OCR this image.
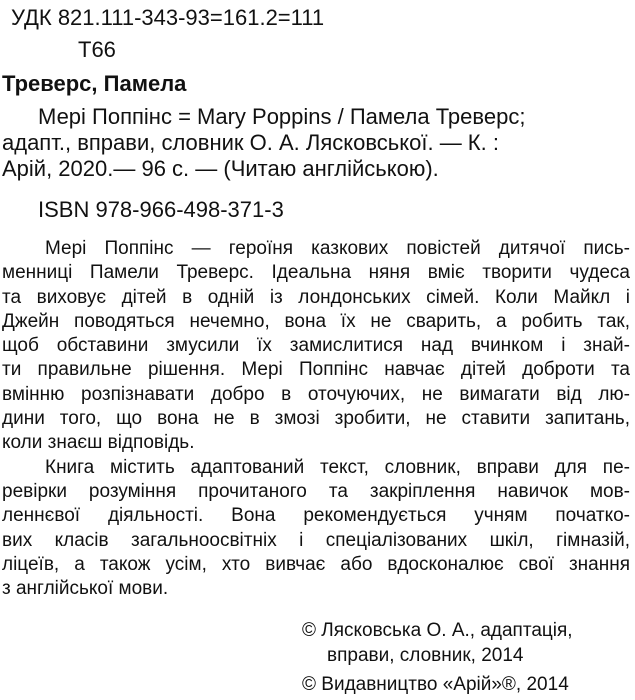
УДК 821.111-343-93=161.2=111
Т66
Треверс, Памела
Мері Поппінс = Mary Poppins / Памела Треверс;
адапт., вправи, словник О. А. Лясковської. — К. :
Арій, 2020.— 96 с. — (Читаю англійською).
ISBN 978-966-498-371-3
Мері Поппінс — героїня казкових повістей дитячої пись-
менниці Памели Треверс. Ідеальна няня вміє творити чудеса
та виховує дітей в одній із лондонських сімей. Коли Майкл і
Джейн поводяться нечемно, вона їх не сварить, а робить так,
щоб обставини змусили їх замислитися над вчинком і знай-
ти правильне рішення. Мері Поппінс навчає дітей доброти та
вмінню розпізнавати добро в оточуючих, не вимагати від лю-
дини того, що вона не в змозі зробити, не ставити запитань,
коли знаєш відповідь.
Книга містить адаптований текст, словник, вправи для пе-
ревірки розуміння прочитаного та закріплення навичок мов-
леннєвої діяльності. Вона рекомендується учням початко-
вих класів загальноосвітніх і спеціалізованих шкіл, гімназій,
ліцеїв, а також усім, хто вивчає або вдосконалює свої знання
з англійської мови.
© Лясковська О. А., адаптація,
вправи, словник, 2014
© Видавництво «Арій»®, 2014
